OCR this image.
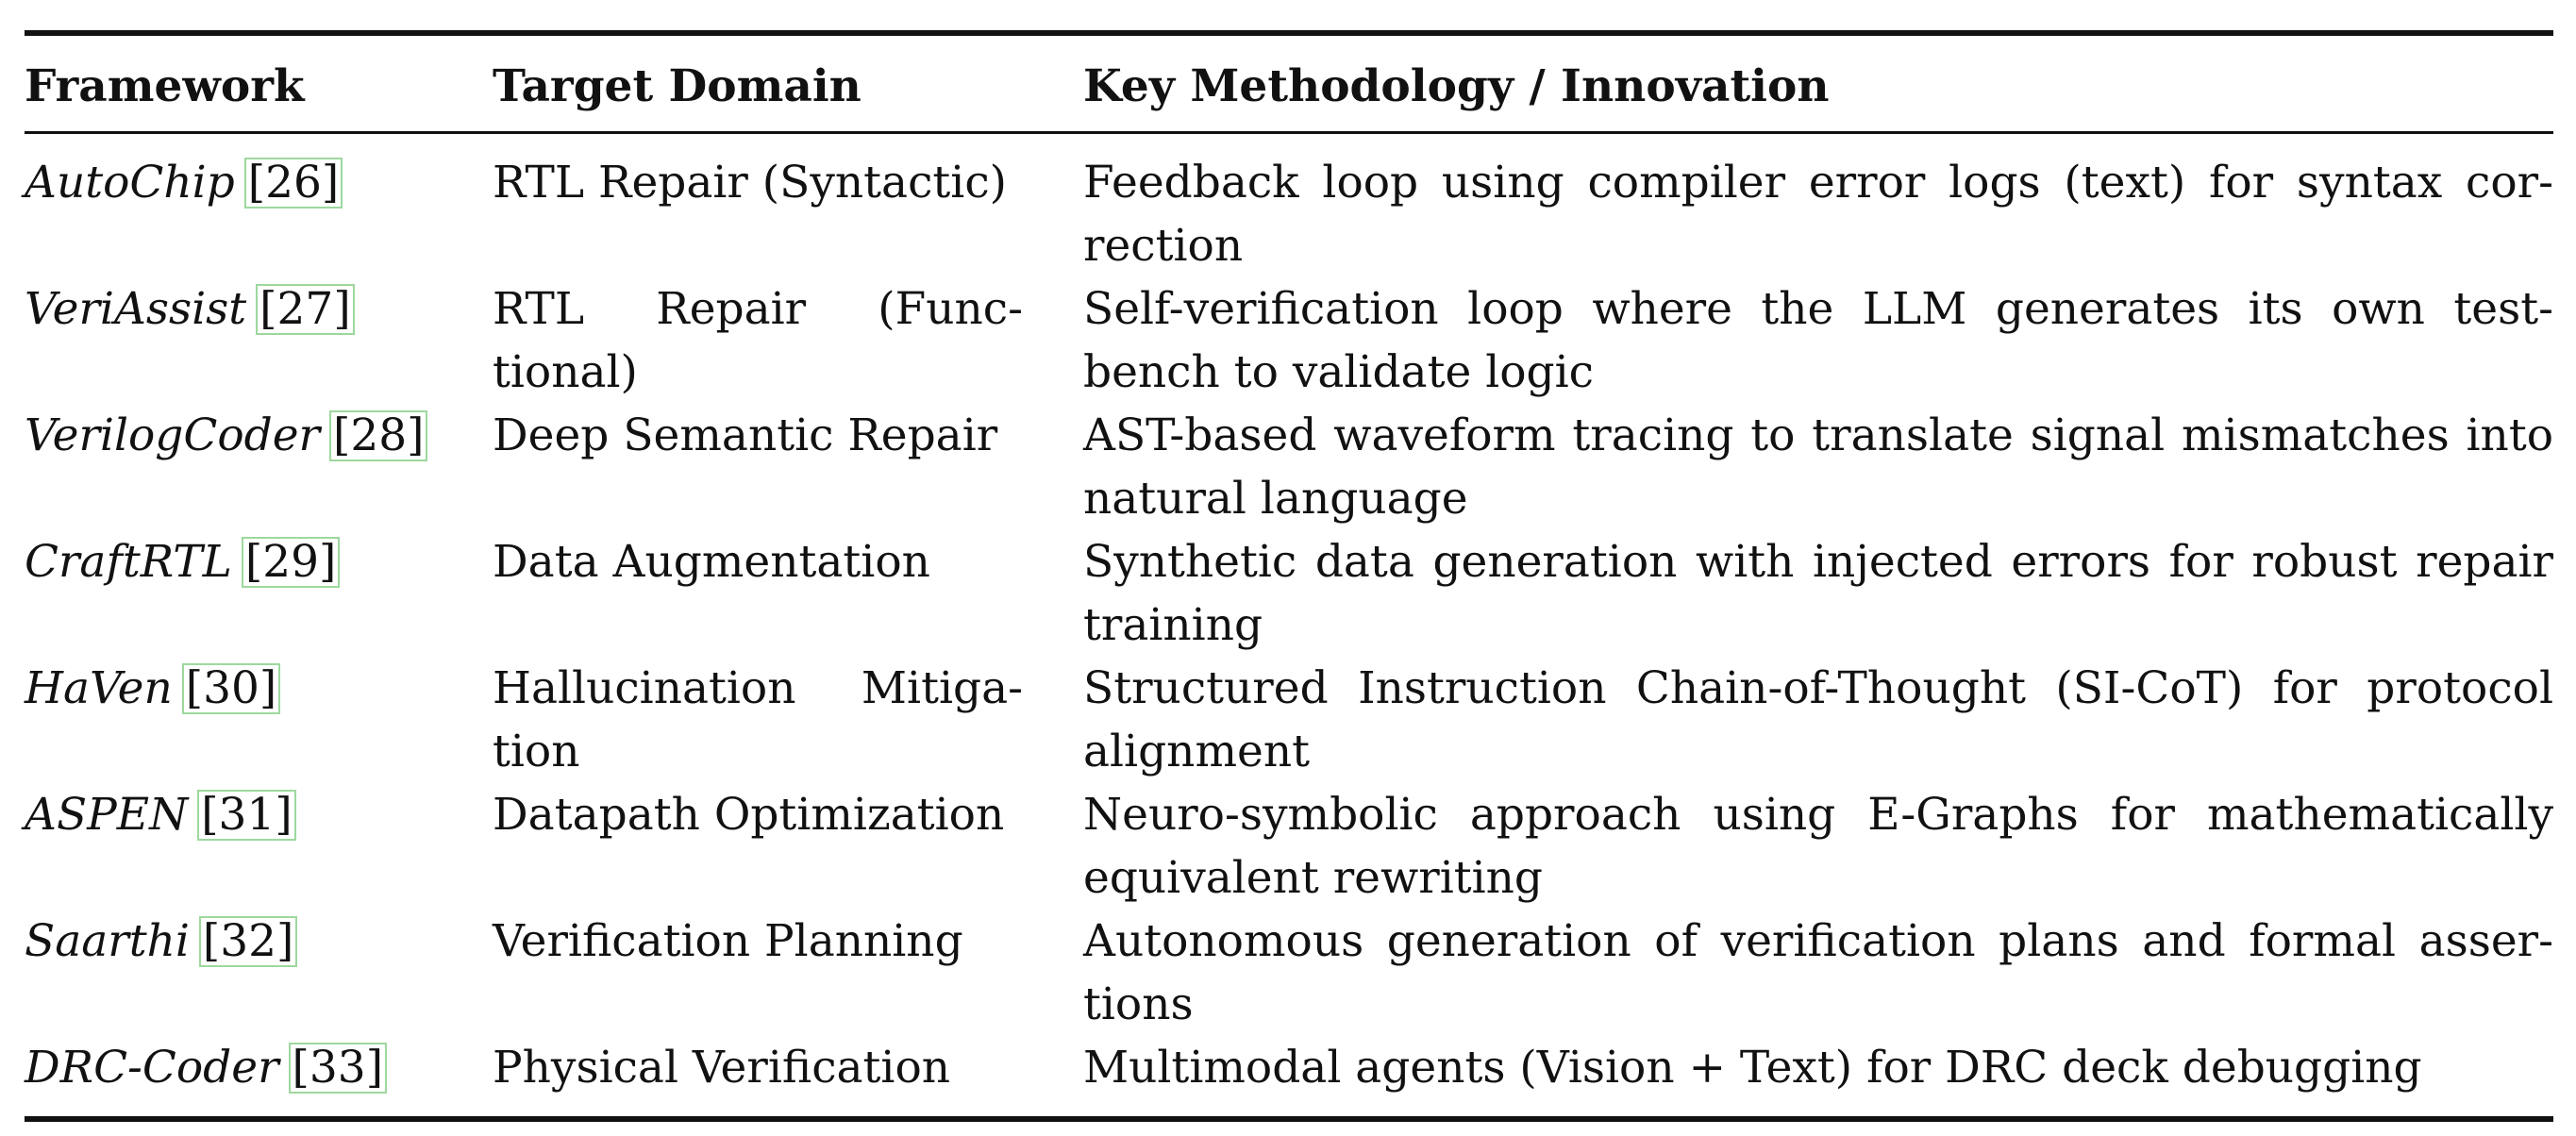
Framework	Target Domain	Key Methodology / Innovation
AutoChip [26]	RTL Repair (Syntactic)	Feedback loop using compiler error logs (text) for syntax correction
VeriAssist [27]	RTL Repair (Functional)	Self-verification loop where the LLM generates its own testbench to validate logic
VerilogCoder [28]	Deep Semantic Repair	AST-based waveform tracing to translate signal mismatches into natural language
CraftRTL [29]	Data Augmentation	Synthetic data generation with injected errors for robust repair training
HaVen [30]	Hallucination Mitigation	Structured Instruction Chain-of-Thought (SI-CoT) for protocol alignment
ASPEN [31]	Datapath Optimization	Neuro-symbolic approach using E-Graphs for mathematically equivalent rewriting
Saarthi [32]	Verification Planning	Autonomous generation of verification plans and formal assertions
DRC-Coder [33]	Physical Verification	Multimodal agents (Vision + Text) for DRC deck debugging
